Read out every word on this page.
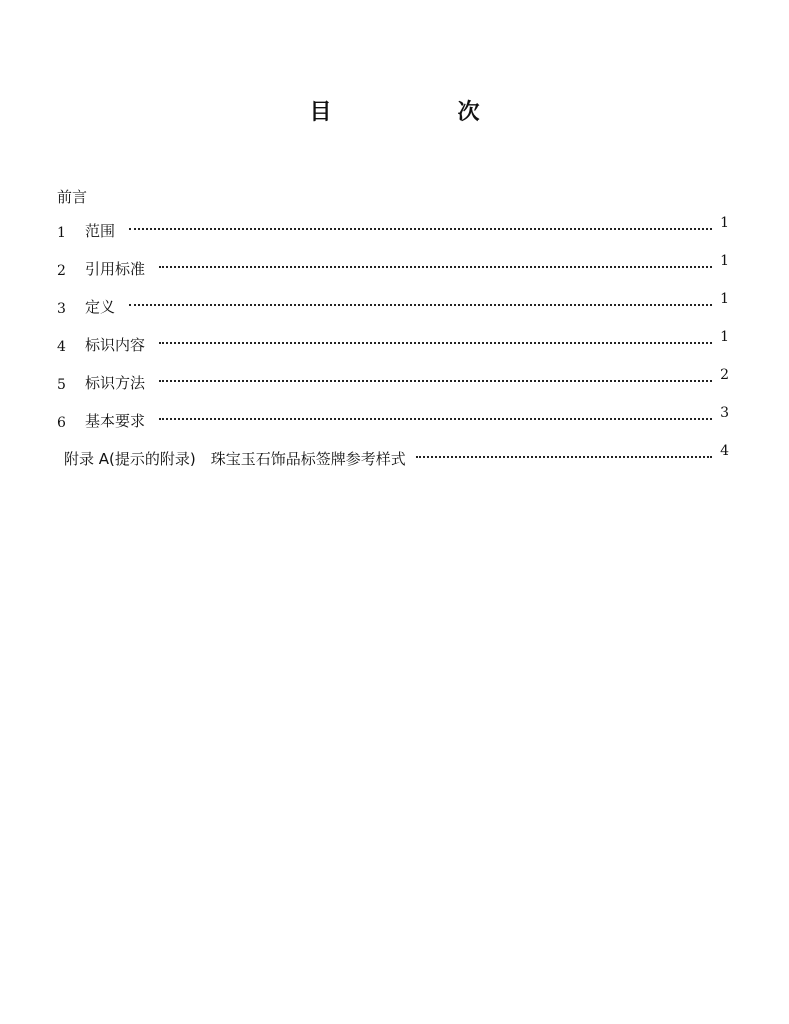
目　次
前言
1	范围	1
2	引用标准	1
3	定义	1
4	标识内容	1
5	标识方法	2
6	基本要求	3
附录 A(提示的附录)　珠宝玉石饰品标签牌参考样式	4
